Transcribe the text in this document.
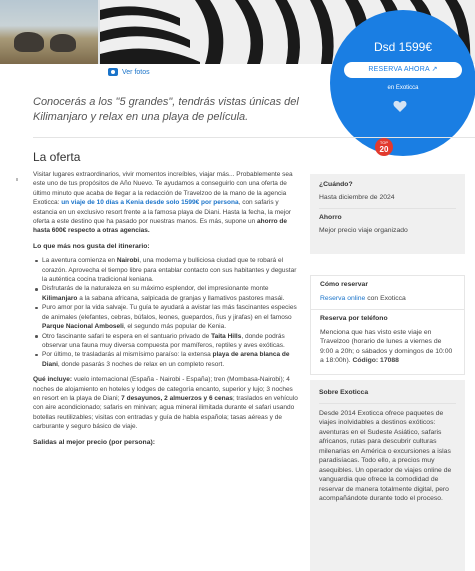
Ver fotos
Dsd 1599€
RESERVA AHORA ↗
en Exoticca
Conocerás a los "5 grandes", tendrás vistas únicas del Kilimanjaro y relax en una playa de película.
TOP
20
La oferta

Visitar lugares extraordinarios, vivir momentos increíbles, viajar más... Probablemente sea este uno de tus propósitos de Año Nuevo. Te ayudamos a conseguirlo con una oferta de último minuto que acaba de llegar a la redacción de Travelzoo de la mano de la agencia Exoticca: un viaje de 10 días a Kenia desde solo 1599€ por persona, con safaris y estancia en un exclusivo resort frente a la famosa playa de Diani. Hasta la fecha, la mejor oferta a este destino que ha pasado por nuestras manos. Es más, supone un ahorro de hasta 600€ respecto a otras agencias.

Lo que más nos gusta del itinerario:
La aventura comienza en Nairobi, una moderna y bulliciosa ciudad que te robará el corazón. Aprovecha el tiempo libre para entablar contacto con sus habitantes y degustar la auténtica cocina tradicional keniana.
Disfrutarás de la naturaleza en su máximo esplendor, del impresionante monte Kilimanjaro a la sabana africana, salpicada de granjas y llamativos pastores masái.
Puro amor por la vida salvaje. Tu guía te ayudará a avistar las más fascinantes especies de animales (elefantes, cebras, búfalos, leones, guepardos, ñus y jirafas) en el famoso Parque Nacional Amboseli, el segundo más popular de Kenia.
Otro fascinante safari te espera en el santuario privado de Taita Hills, donde podrás observar una fauna muy diversa compuesta por mamíferos, reptiles y aves exóticas.
Por último, te trasladarás al mismísimo paraíso: la extensa playa de arena blanca de Diani, donde pasarás 3 noches de relax en un completo resort.

Qué incluye: vuelo internacional (España - Nairobi - España); tren (Mombasa-Nairobi); 4 noches de alojamiento en hoteles y lodges de categoría encanto, superior y lujo; 3 noches en resort en la playa de Diani; 7 desayunos, 2 almuerzos y 6 cenas; traslados en vehículo con aire acondicionado; safaris en minivan; agua mineral ilimitada durante el safari usando botellas reutilizables; visitas con entradas y guía de habla española; tasas aéreas y de carburante y seguro básico de viaje.

Salidas al mejor precio (por persona):
¿Cuándo?
Hasta diciembre de 2024
Ahorro
Mejor precio viaje organizado
Cómo reservar
Reserva online con Exoticca
Reserva por teléfono
Menciona que has visto este viaje en Travelzoo (horario de lunes a viernes de 9:00 a 20h; o sábados y domingos de 10:00 a 18:00h). Código: 17088
Sobre Exoticca
Desde 2014 Exoticca ofrece paquetes de viajes inolvidables a destinos exóticos: aventuras en el Sudeste Asiático, safaris africanos, rutas para descubrir culturas milenarias en América o excursiones a islas paradisíacas. Todo ello, a precios muy asequibles. Un operador de viajes online de vanguardia que ofrece la comodidad de reservar de manera totalmente digital, pero acompañándote durante todo el proceso.
